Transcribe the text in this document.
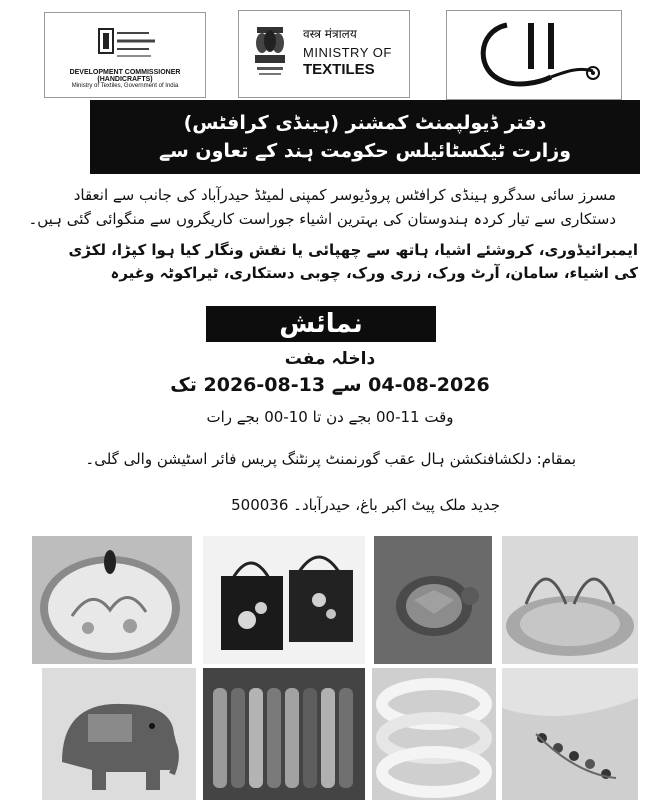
DEVELOPMENT COMMISSIONER (HANDICRAFTS)
Ministry of Textiles, Government of India
वस्त्र मंत्रालय
MINISTRY OF
TEXTILES
دفتر ڈیولپمنٹ کمشنر (ہینڈی کرافٹس)
وزارت ٹیکسٹائیلس حکومت ہند کے تعاون سے
مسرز سائی سدگرو ہینڈی کرافٹس پروڈیوسر کمپنی لمیٹڈ حیدرآباد کی جانب سے انعقاد
دستکاری سے تیار کردہ ہندوستان کی بہترین اشیاء جوراست کاریگروں سے منگوائی گئی ہیں۔
ایمبرائیڈوری، کروشئے اشیا، ہاتھ سے چھپائی یا نقش ونگار کیا ہوا کپڑا، لکڑی
کی اشیاء، سامان، آرٹ ورک، زری ورک، چوبی دستکاری، ٹیراکوٹہ وغیرہ
نمائش
داخلہ مفت
04-08-2026 سے 13-08-2026 تک
وقت 11-00 بجے دن تا 10-00 بجے رات
بمقام: دلکشافنکشن ہال عقب گورنمنٹ پرنٹنگ پریس فائر اسٹیشن والی گلی۔
جدید ملک پیٹ اکبر باغ، حیدرآباد۔ 500036
